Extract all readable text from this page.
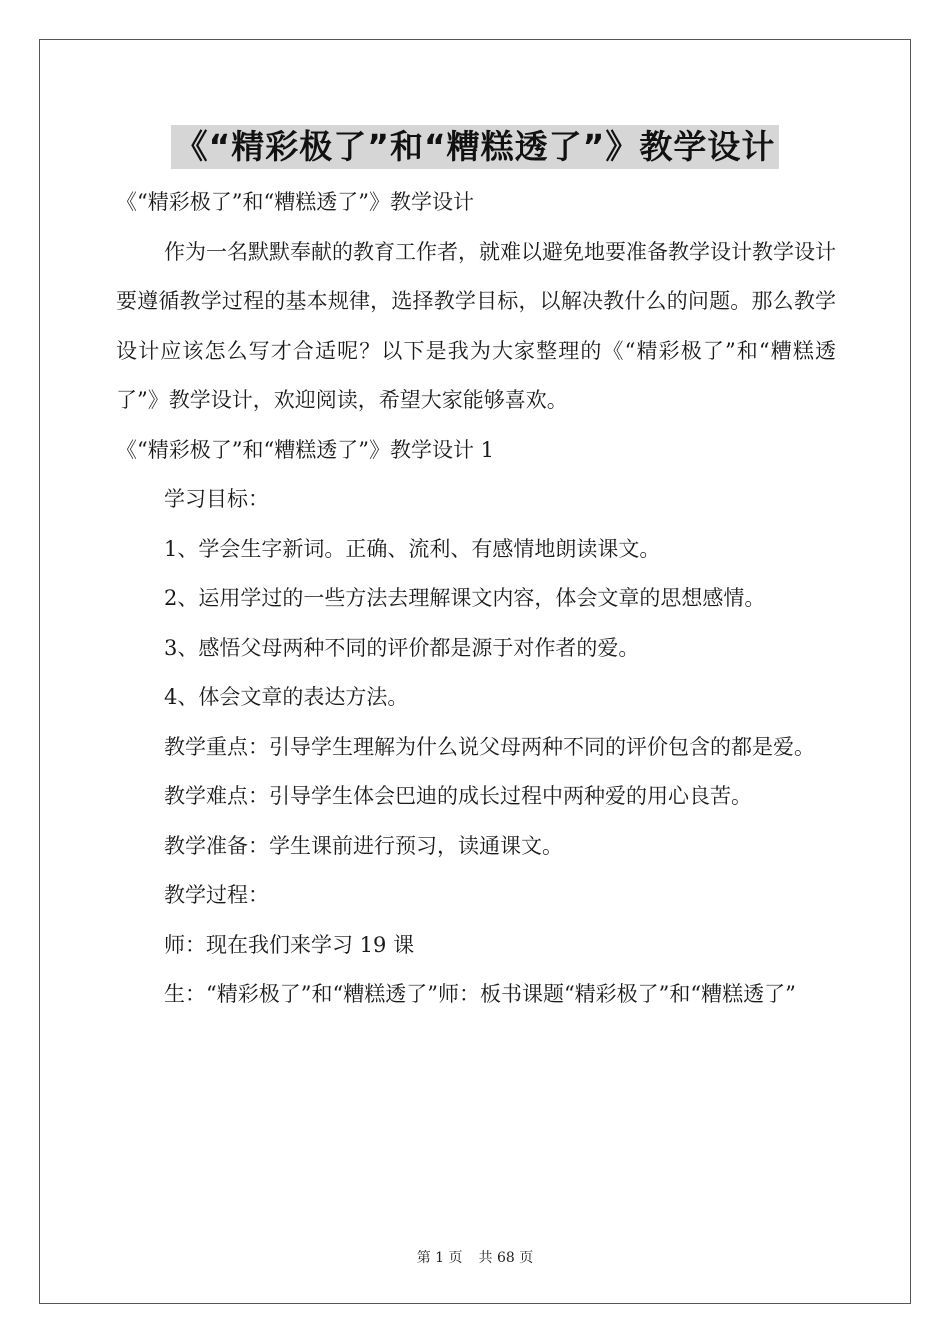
《“精彩极了”和“糟糕透了”》教学设计

《“精彩极了”和“糟糕透了”》教学设计

作为一名默默奉献的教育工作者，就难以避免地要准备教学设计教学设计要遵循教学过程的基本规律，选择教学目标，以解决教什么的问题。那么教学设计应该怎么写才合适呢？以下是我为大家整理的《“精彩极了”和“糟糕透了”》教学设计，欢迎阅读，希望大家能够喜欢。

《“精彩极了”和“糟糕透了”》教学设计 1

学习目标：

1、学会生字新词。正确、流利、有感情地朗读课文。

2、运用学过的一些方法去理解课文内容，体会文章的思想感情。

3、感悟父母两种不同的评价都是源于对作者的爱。

4、体会文章的表达方法。

教学重点：引导学生理解为什么说父母两种不同的评价包含的都是爱。

教学难点：引导学生体会巴迪的成长过程中两种爱的用心良苦。

教学准备：学生课前进行预习，读通课文。

教学过程：

师：现在我们来学习 19 课

生：“精彩极了”和“糟糕透了”师：板书课题“精彩极了”和“糟糕透了”

第 1 页 共 68 页
